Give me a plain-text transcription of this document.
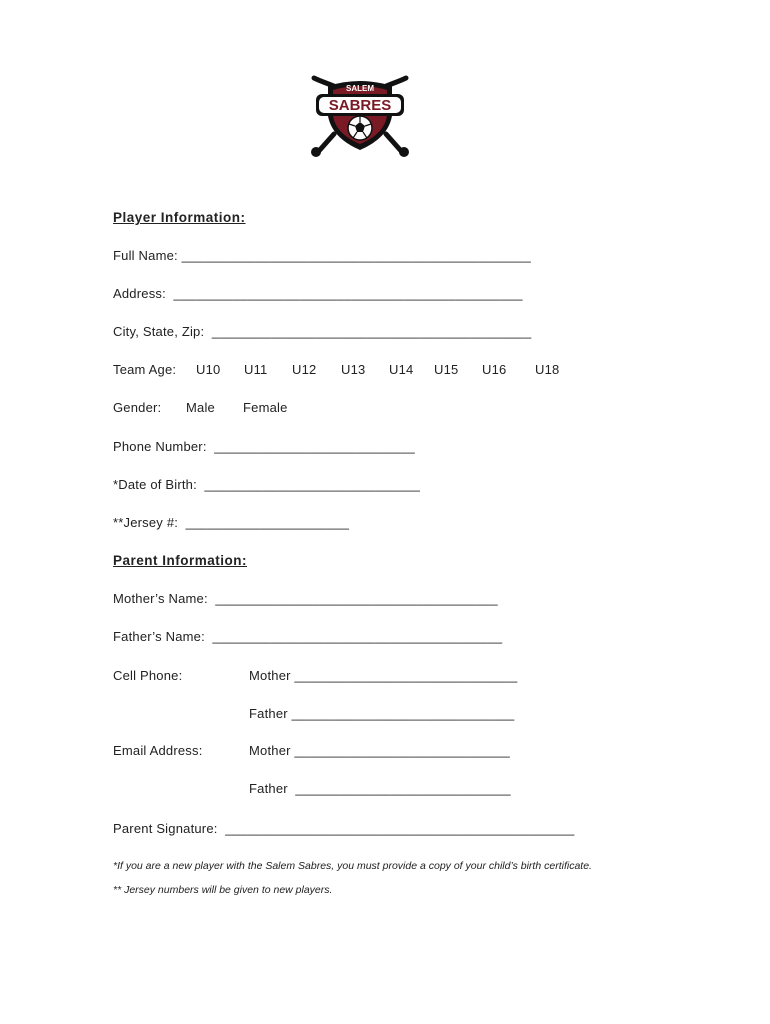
SALEM
SABRES
Player Information:
Full Name: _______________________________________________
Address:  _______________________________________________
City, State, Zip:  ___________________________________________
Team Age: U10 U11 U12 U13 U14 U15 U16 U18
Gender: Male Female
Phone Number:  ___________________________
*Date of Birth:  _____________________________
**Jersey #:  ______________________
Parent Information:
Mother’s Name:  ______________________________________
Father’s Name:  _______________________________________
Cell Phone:	Mother ______________________________
Father ______________________________
Email Address:	Mother _____________________________
Father  _____________________________
Parent Signature:  _______________________________________________
*If you are a new player with the Salem Sabres, you must provide a copy of your child’s birth certificate.
** Jersey numbers will be given to new players.
